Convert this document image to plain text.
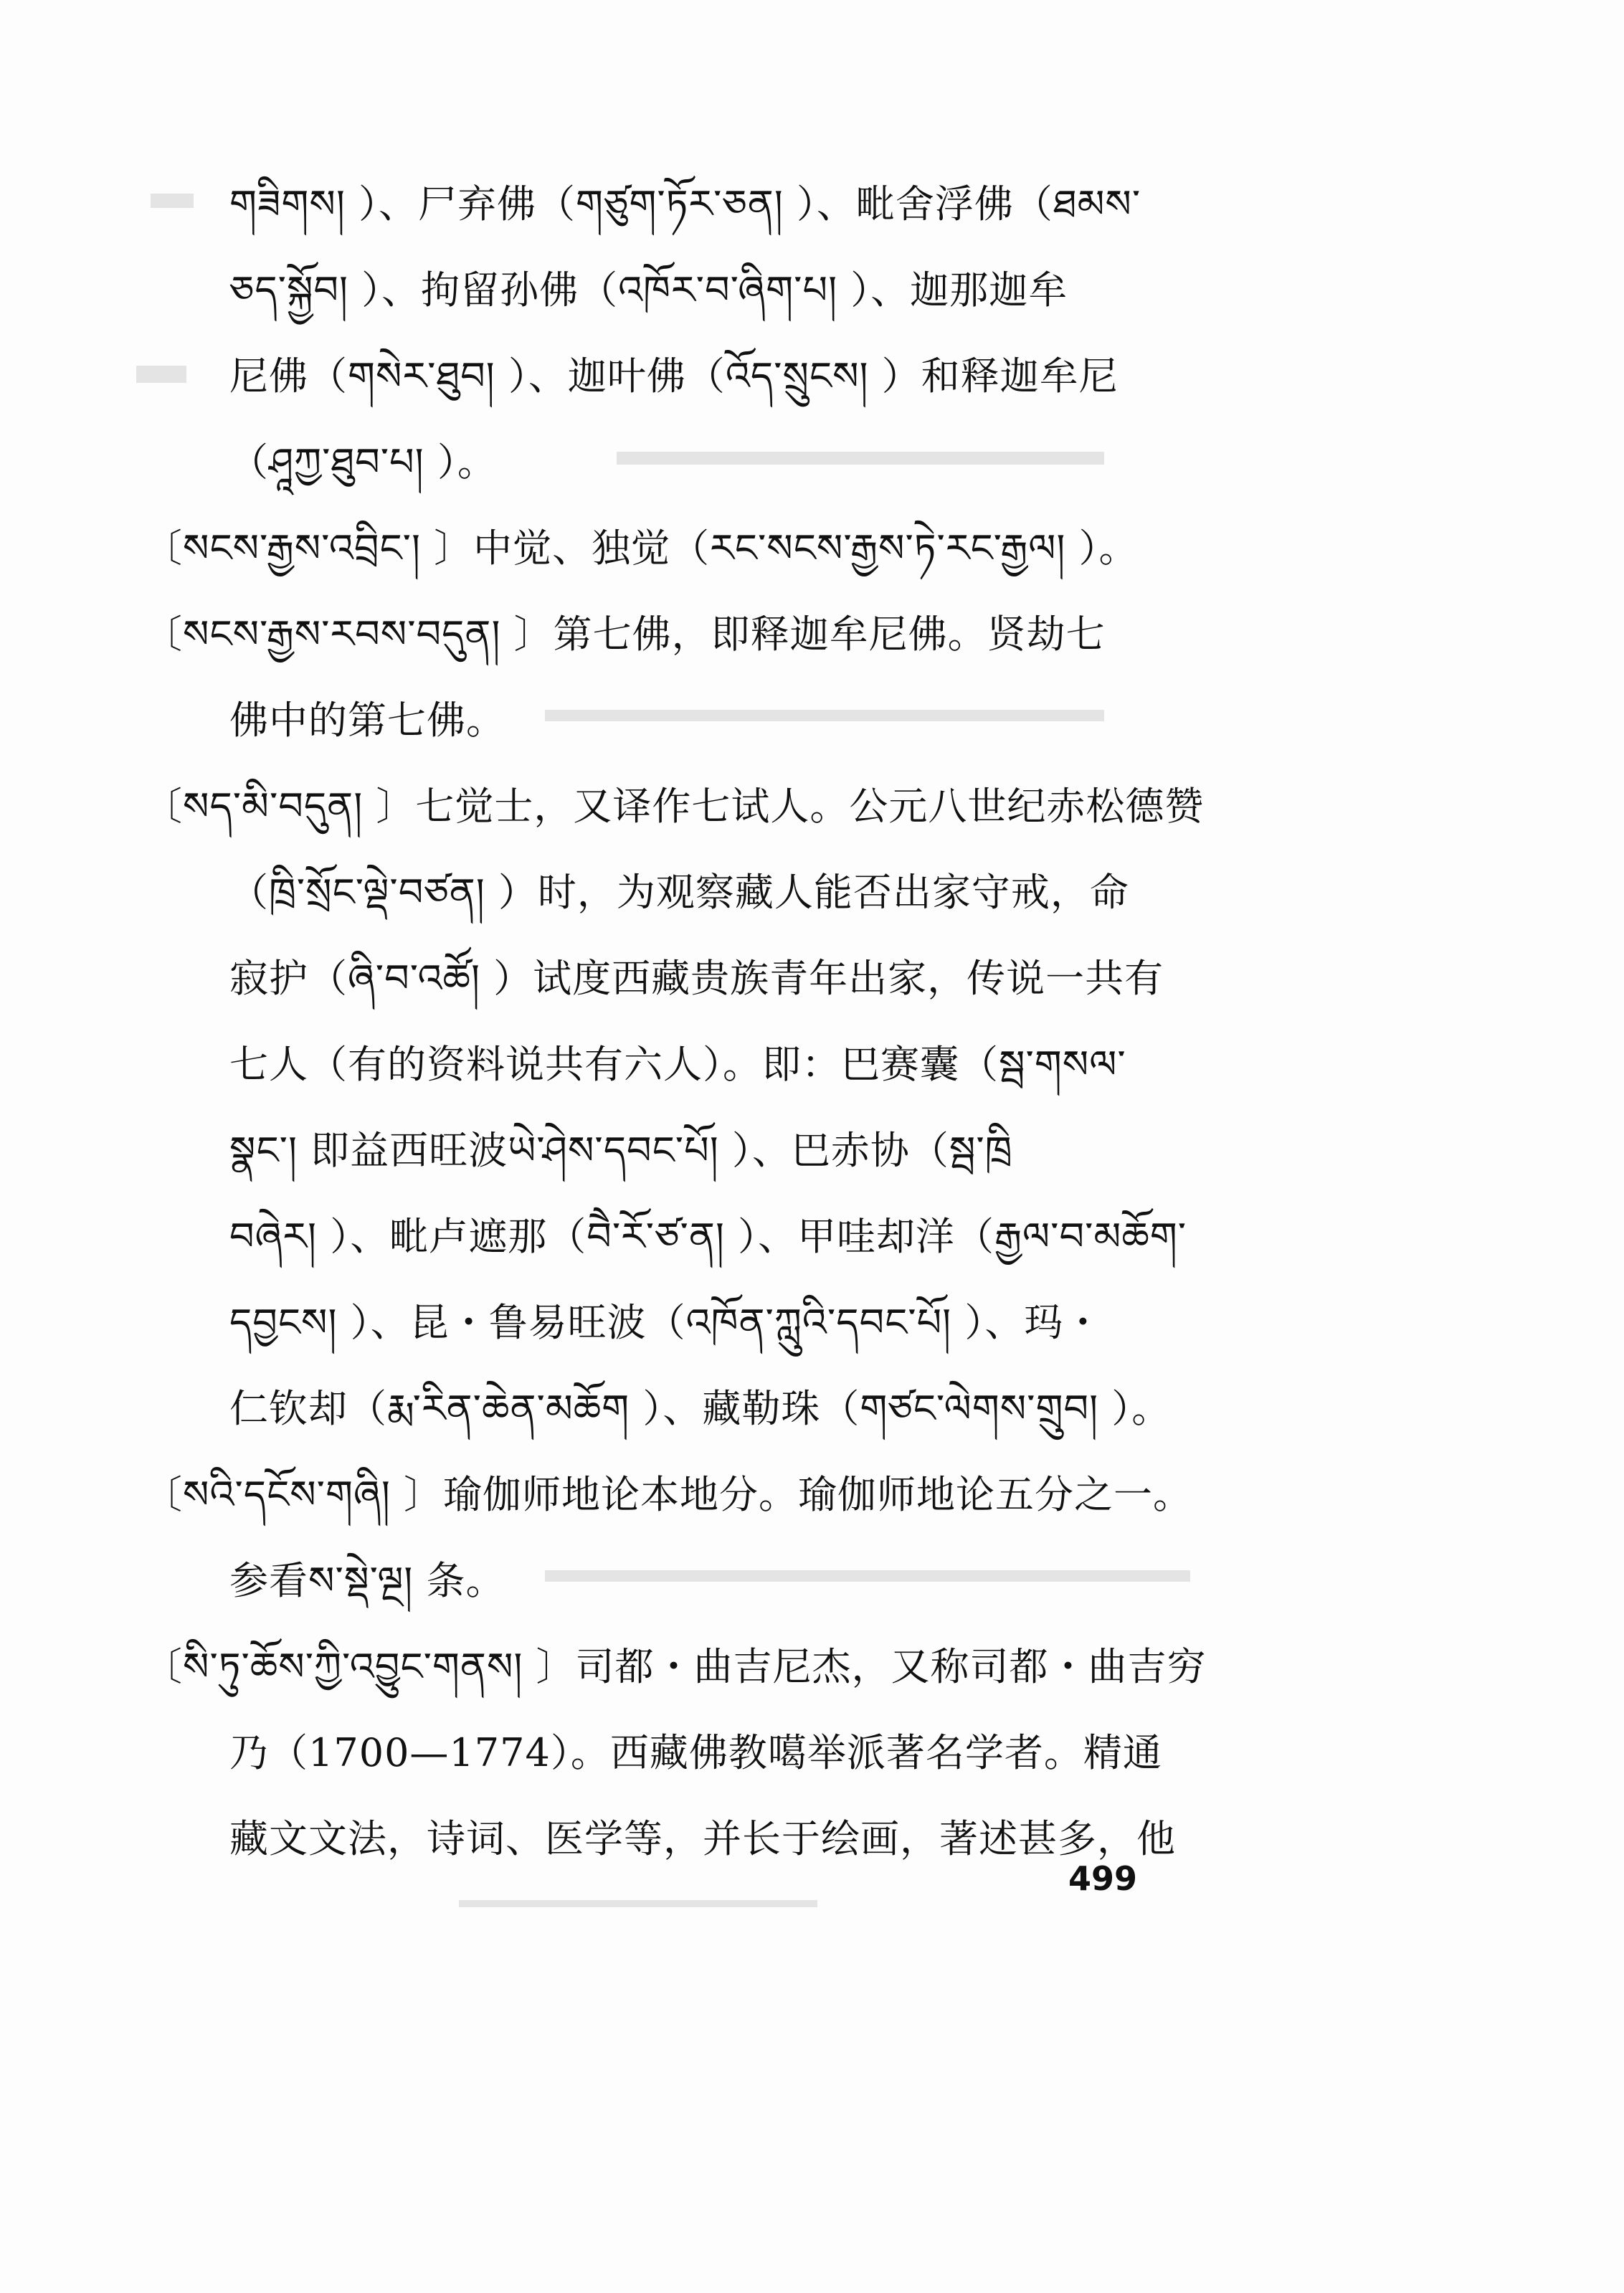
གཟིགས། ）、尸弃佛（གཙུག་ཏོར་ཅན། ）、毗舍浮佛（ཐམས་
ཅད་སྐྱོབ། ）、拘留孙佛（འཁོར་བ་ཞིག་པ། ）、迦那迦牟
尼佛（གསེར་ཐུབ། ）、迦叶佛（འོད་སྲུངས། ）和释迦牟尼
（ཤཱཀྱ་ཐུབ་པ། ）。
〔སངས་རྒྱས་འབྲིང་། 〕中觉、独觉（རང་སངས་རྒྱས་ཏེ་རང་རྒྱལ། ）。
〔སངས་རྒྱས་རབས་བདུན། 〕第七佛，即释迦牟尼佛。贤劫七
佛中的第七佛。
〔སད་མི་བདུན། 〕七觉士，又译作七试人。公元八世纪赤松德赞
（ཁྲི་སྲོང་ལྡེ་བཙན། ）时，为观察藏人能否出家守戒，命
寂护（ཞི་བ་འཚོ། ）试度西藏贵族青年出家，传说一共有
七人（有的资料说共有六人）。即：巴赛囊（སྦ་གསལ་
སྣང་། 即益西旺波ཡེ་ཤེས་དབང་པོ། ）、巴赤协（སྦ་ཁྲི
བཞེར། ）、毗卢遮那（བཻ་རོ་ཙ་ན། ）、甲哇却洋（རྒྱལ་བ་མཆོག་
དབྱངས། ）、昆・鲁易旺波（འཁོན་ཀླུའི་དབང་པོ། ）、玛・
仁钦却（རྨ་རིན་ཆེན་མཆོག ）、藏勒珠（གཙང་ལེགས་གྲུབ། ）。
〔སའི་དངོས་གཞི། 〕瑜伽师地论本地分。瑜伽师地论五分之一。
参看ས་སྡེ་ལྔ། 条。
〔སི་ཏུ་ཆོས་ཀྱི་འབྱུང་གནས། 〕司都・曲吉尼杰，又称司都・曲吉穷
乃（1700—1774）。西藏佛教噶举派著名学者。精通
藏文文法，诗词、医学等，并长于绘画，著述甚多，他
499
